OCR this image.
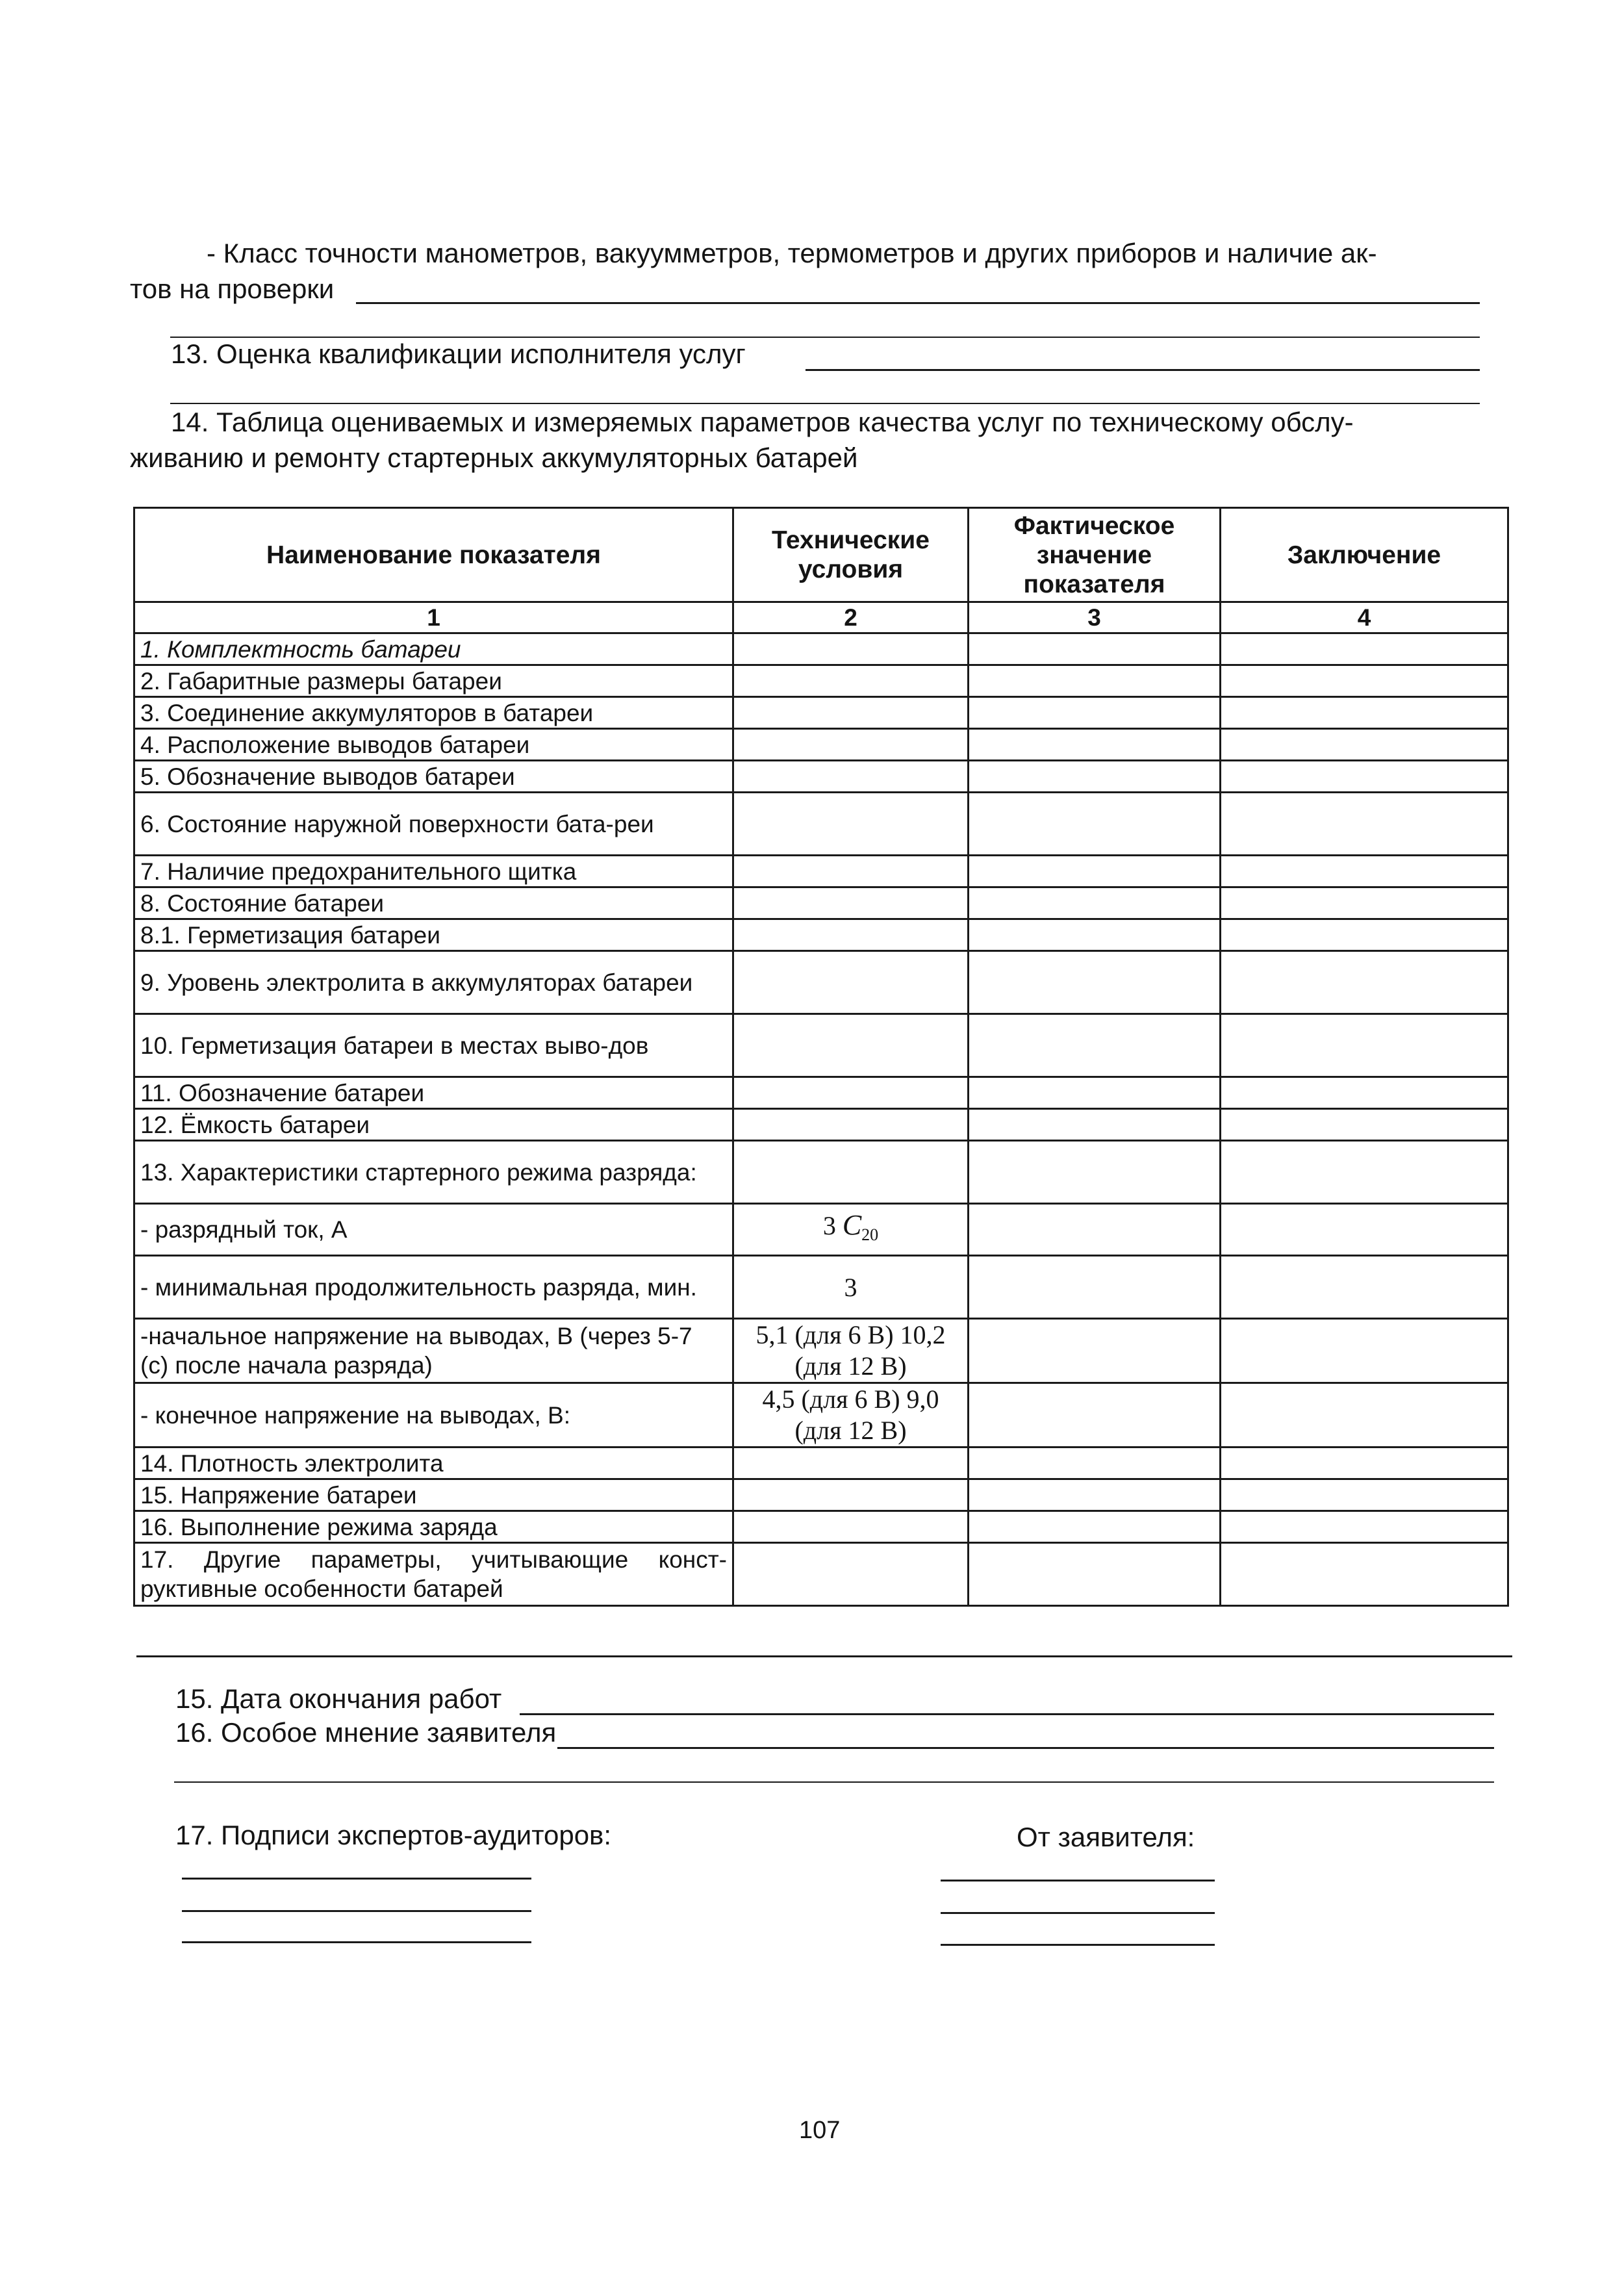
- Класс точности манометров, вакуумметров, термометров и других приборов и наличие ак-
тов на проверки
13. Оценка квалификации исполнителя услуг
14. Таблица оцениваемых и измеряемых параметров качества услуг по техническому обслу-
живанию и ремонту стартерных аккумуляторных батарей
Наименование показателя	Технические условия	Фактическое значение показателя	Заключение
1	2	3	4
1. Комплектность батареи			
2. Габаритные размеры батареи			
3. Соединение аккумуляторов в батареи			
4. Расположение выводов батареи			
5. Обозначение выводов батареи			
6. Состояние наружной поверхности бата-реи			
7. Наличие предохранительного щитка			
8. Состояние батареи			
8.1. Герметизация батареи			
9. Уровень электролита в аккумуляторах батареи			
10. Герметизация батареи в местах выво-дов			
11. Обозначение батареи			
12. Ёмкость батареи			
13. Характеристики стартерного режима разряда:			
- разрядный ток, А	3 $C_{20}$		
- минимальная продолжительность разряда, мин.	3		
-начальное напряжение на выводах, В (через 5-7 (с) после начала разряда)	5,1 (для 6 В) 10,2 (для 12 В)		
- конечное напряжение на выводах, В:	4,5 (для 6 В) 9,0 (для 12 В)		
14. Плотность электролита			
15. Напряжение батареи			
16. Выполнение режима заряда			
17. Другие параметры, учитывающие конст-руктивные особенности батарей			
15. Дата окончания работ
16. Особое мнение заявителя
17. Подписи экспертов-аудиторов:	От заявителя:
107
